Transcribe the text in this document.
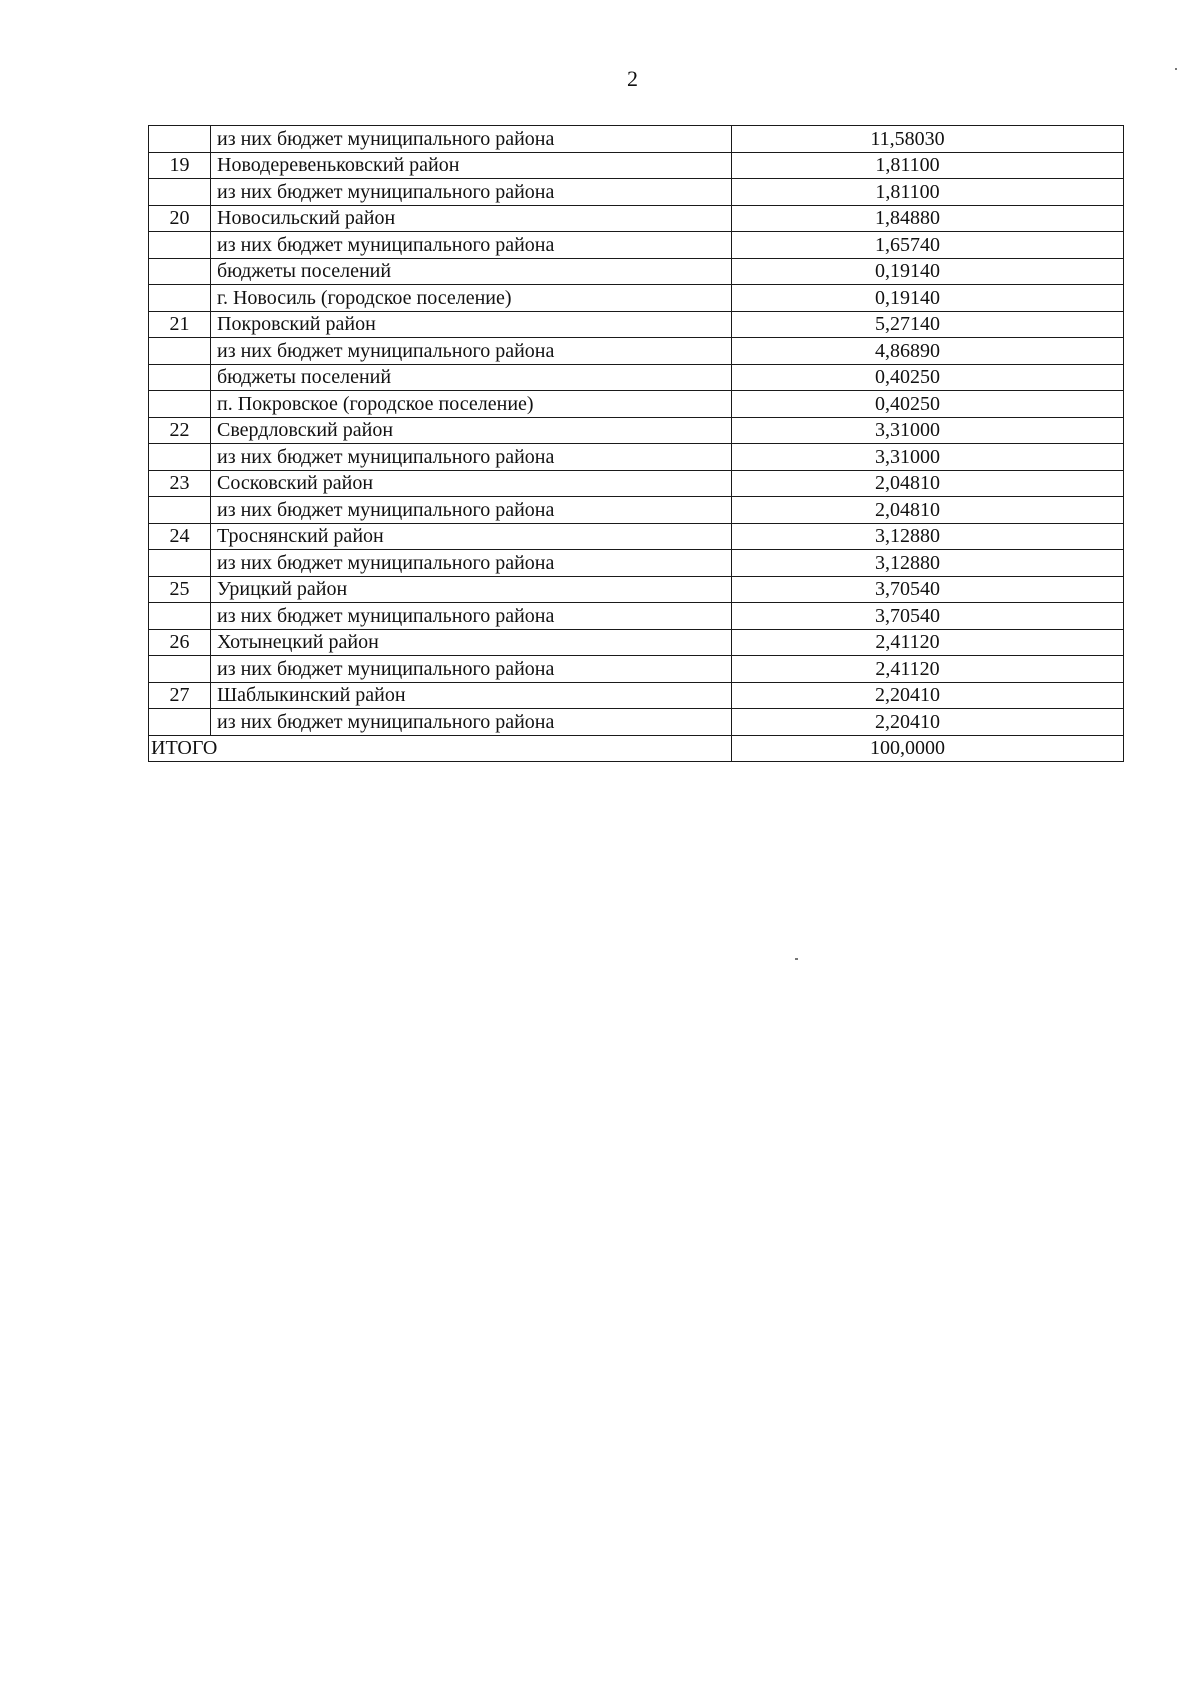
2
	из них бюджет муниципального района	11,58030
19	Новодеревеньковский район	1,81100
	из них бюджет муниципального района	1,81100
20	Новосильский район	1,84880
	из них бюджет муниципального района	1,65740
	бюджеты поселений	0,19140
	г. Новосиль (городское поселение)	0,19140
21	Покровский район	5,27140
	из них бюджет муниципального района	4,86890
	бюджеты поселений	0,40250
	п. Покровское (городское поселение)	0,40250
22	Свердловский район	3,31000
	из них бюджет муниципального района	3,31000
23	Сосковский район	2,04810
	из них бюджет муниципального района	2,04810
24	Троснянский район	3,12880
	из них бюджет муниципального района	3,12880
25	Урицкий район	3,70540
	из них бюджет муниципального района	3,70540
26	Хотынецкий район	2,41120
	из них бюджет муниципального района	2,41120
27	Шаблыкинский район	2,20410
	из них бюджет муниципального района	2,20410
ИТОГО		100,0000
